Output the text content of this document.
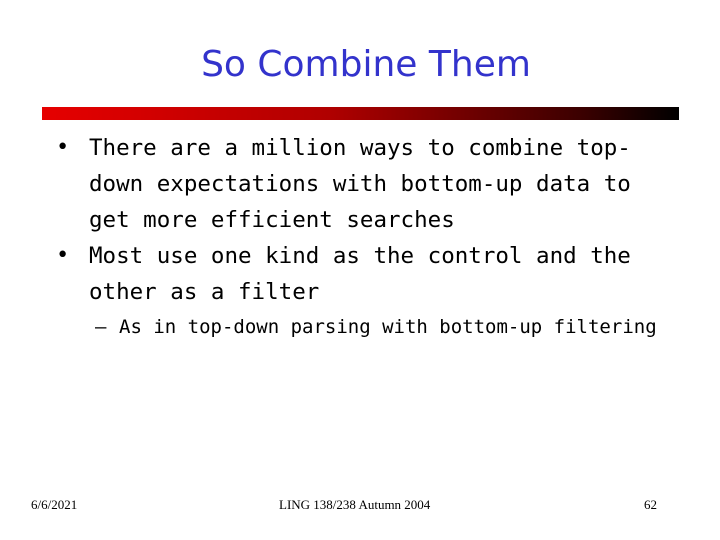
So Combine Them
• There are a million ways to combine top-
down expectations with bottom-up data to
get more efficient searches
• Most use one kind as the control and the
other as a filter
– As in top-down parsing with bottom-up filtering
6/6/2021	LING 138/238 Autumn 2004	62
